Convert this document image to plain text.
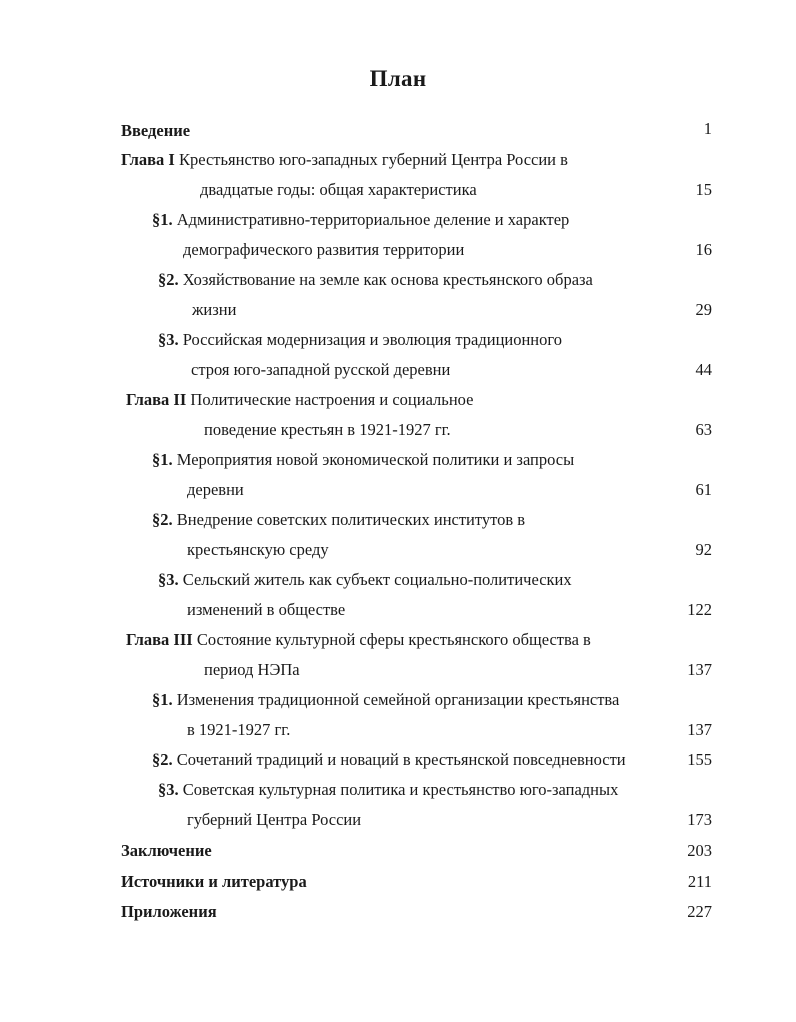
План
Введение	1
Глава I Крестьянство юго-западных губерний Центра России в
двадцатые годы: общая характеристика	15
§1. Административно-территориальное деление и характер
демографического развития территории	16
§2. Хозяйствование на земле как основа крестьянского образа
жизни	29
§3. Российская модернизация и эволюция традиционного
строя юго-западной русской деревни	44
Глава II Политические настроения и социальное
поведение крестьян в 1921-1927 гг.	63
§1. Мероприятия новой экономической политики и запросы
деревни	61
§2. Внедрение советских политических институтов в
крестьянскую среду	92
§3. Сельский житель как субъект социально-политических
изменений в обществе	122
Глава III Состояние культурной сферы крестьянского общества в
период НЭПа	137
§1. Изменения традиционной семейной организации крестьянства
в 1921-1927 гг.	137
§2. Сочетаний традиций и новаций в крестьянской повседневности	155
§3. Советская культурная политика и крестьянство юго-западных
губерний Центра России	173
Заключение	203
Источники и литература	211
Приложения	227
